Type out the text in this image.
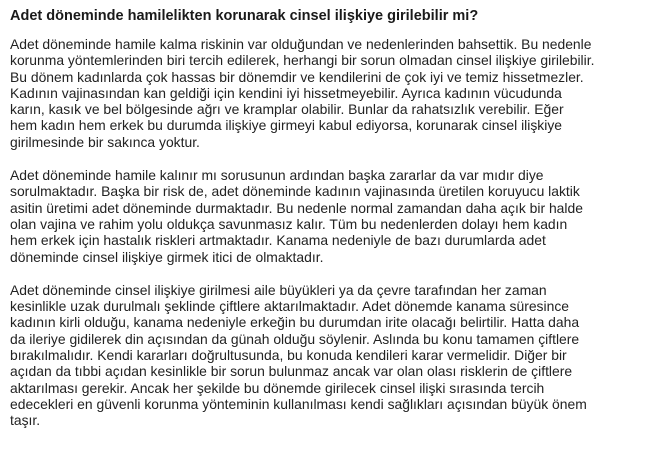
Adet döneminde hamilelikten korunarak cinsel ilişkiye girilebilir mi?
Adet döneminde hamile kalma riskinin var olduğundan ve nedenlerinden bahsettik. Bu nedenle
korunma yöntemlerinden biri tercih edilerek, herhangi bir sorun olmadan cinsel ilişkiye girilebilir.
Bu dönem kadınlarda çok hassas bir dönemdir ve kendilerini de çok iyi ve temiz hissetmezler.
Kadının vajinasından kan geldiği için kendini iyi hissetmeyebilir. Ayrıca kadının vücudunda
karın, kasık ve bel bölgesinde ağrı ve kramplar olabilir. Bunlar da rahatsızlık verebilir. Eğer
hem kadın hem erkek bu durumda ilişkiye girmeyi kabul ediyorsa, korunarak cinsel ilişkiye
girilmesinde bir sakınca yoktur.
Adet döneminde hamile kalınır mı sorusunun ardından başka zararlar da var mıdır diye
sorulmaktadır. Başka bir risk de, adet döneminde kadının vajinasında üretilen koruyucu laktik
asitin üretimi adet döneminde durmaktadır. Bu nedenle normal zamandan daha açık bir halde
olan vajina ve rahim yolu oldukça savunmasız kalır. Tüm bu nedenlerden dolayı hem kadın
hem erkek için hastalık riskleri artmaktadır. Kanama nedeniyle de bazı durumlarda adet
döneminde cinsel ilişkiye girmek itici de olmaktadır.
Adet döneminde cinsel ilişkiye girilmesi aile büyükleri ya da çevre tarafından her zaman
kesinlikle uzak durulmalı şeklinde çiftlere aktarılmaktadır. Adet dönemde kanama süresince
kadının kirli olduğu, kanama nedeniyle erkeğin bu durumdan irite olacağı belirtilir. Hatta daha
da ileriye gidilerek din açısından da günah olduğu söylenir. Aslında bu konu tamamen çiftlere
bırakılmalıdır. Kendi kararları doğrultusunda, bu konuda kendileri karar vermelidir. Diğer bir
açıdan da tıbbi açıdan kesinlikle bir sorun bulunmaz ancak var olan olası risklerin de çiftlere
aktarılması gerekir. Ancak her şekilde bu dönemde girilecek cinsel ilişki sırasında tercih
edecekleri en güvenli korunma yönteminin kullanılması kendi sağlıkları açısından büyük önem
taşır.
